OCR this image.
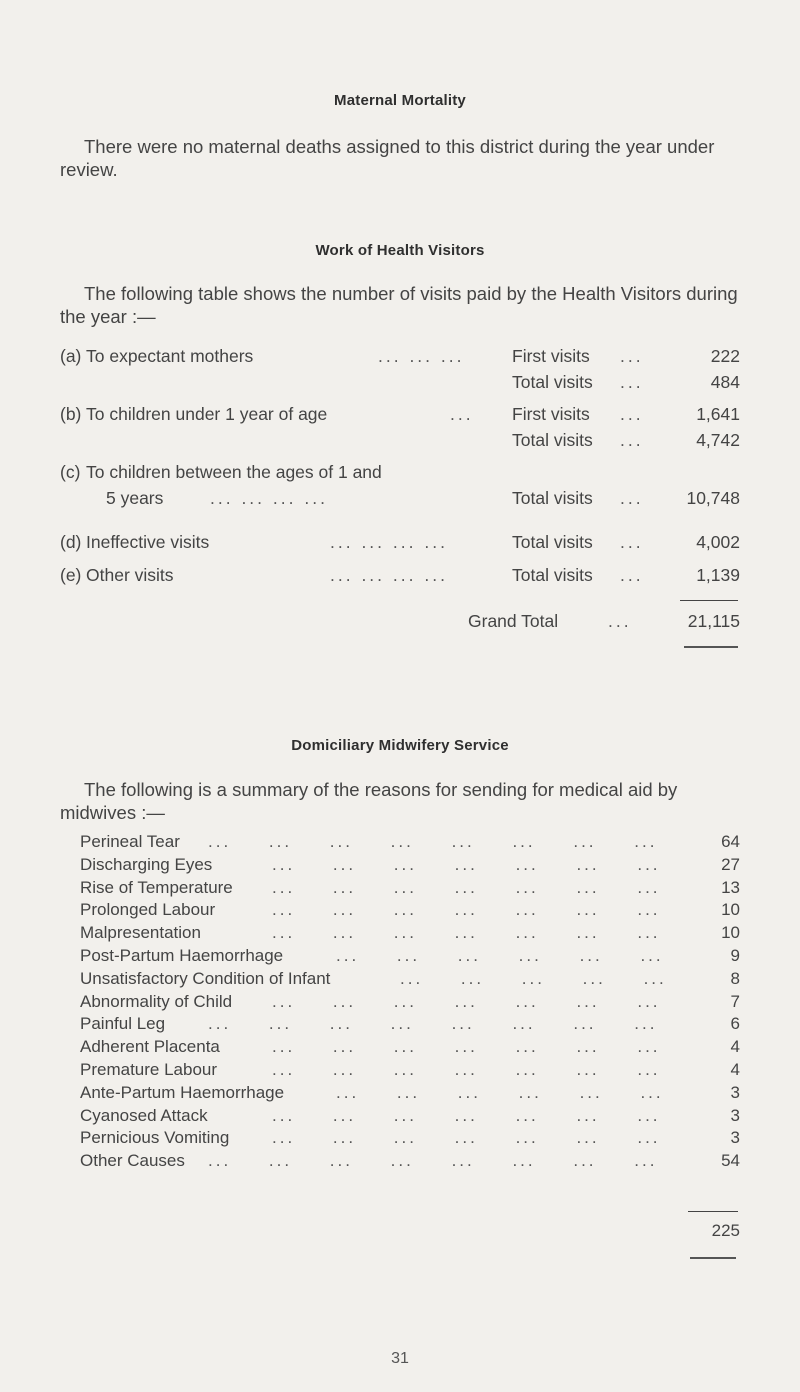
Maternal Mortality
There were no maternal deaths assigned to this district during the year under review.
Work of Health Visitors
The following table shows the number of visits paid by the Health Visitors during the year :—
(a) To expectant mothers	... ... ...	First visits ...	222
Total visits ...	484
(b) To children under 1 year of age	... First visits ...	1,641
Total visits ...	4,742
(c) To children between the ages of 1 and
5 years	... ... ... ...	Total visits ... 10,748
(d) Ineffective visits	... ... ... ...	Total visits ...	4,002
(e) Other visits	... ... ... ...	Total visits ...	1,139
Grand Total	...	21,115
Domiciliary Midwifery Service
The following is a summary of the reasons for sending for medical aid by midwives :—
Perineal Tear ... ... ... ... ... ... ... ...	64
Discharging Eyes	... ... ... ... ... ... ...	27
Rise of Temperature ... ... ... ... ... ... ...	13
Prolonged Labour	... ... ... ... ... ... ...	10
Malpresentation	... ... ... ... ... ... ...	10
Post-Partum Haemorrhage	... ... ... ... ... ...	9
Unsatisfactory Condition of Infant	... ... ... ... ...	8
Abnormality of Child ... ... ... ... ... ... ...	7
Painful Leg	... ... ... ... ... ... ... ...	6
Adherent Placenta	... ... ... ... ... ... ...	4
Premature Labour	... ... ... ... ... ... ...	4
Ante-Partum Haemorrhage	... ... ... ... ... ...	3
Cyanosed Attack	... ... ... ... ... ... ...	3
Pernicious Vomiting	... ... ... ... ... ... ...	3
Other Causes ... ... ... ... ... ... ... ...	54
225
31
